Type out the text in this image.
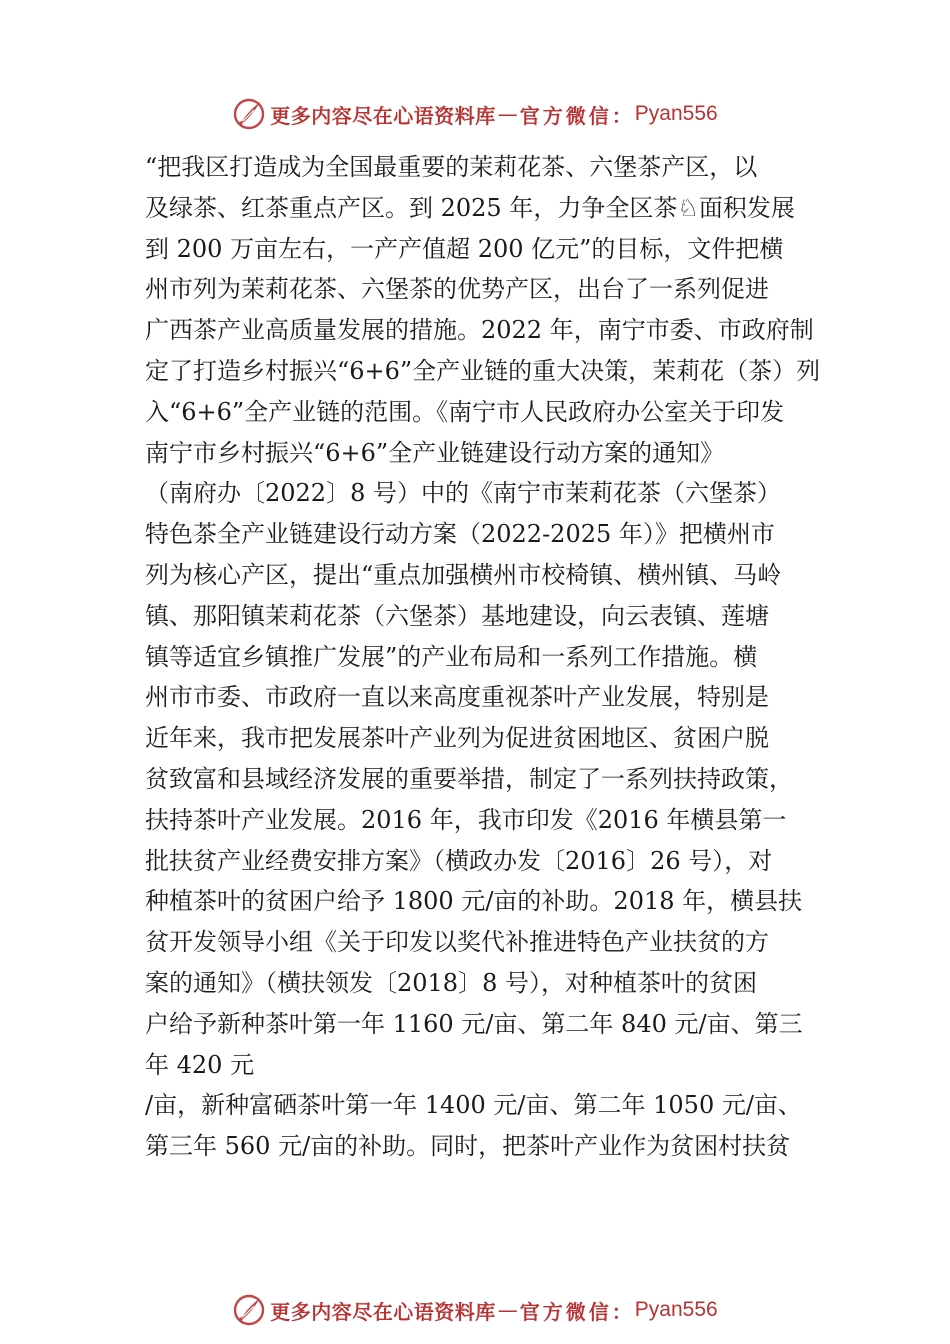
更多内容尽在心语资料库 — 官方微信： Pyan556
“把我区打造成为全国最重要的茉莉花茶、六堡茶产区，以
及绿茶、红茶重点产区。到 2025 年，力争全区茶♘面积发展
到 200 万亩左右，一产产值超 200 亿元”的目标，文件把横
州市列为茉莉花茶、六堡茶的优势产区，出台了一系列促进
广西茶产业高质量发展的措施。2022 年，南宁市委、市政府制
定了打造乡村振兴“6+6”全产业链的重大决策，茉莉花（茶）列
入“6+6”全产业链的范围。《南宁市人民政府办公室关于印发
南宁市乡村振兴“6+6”全产业链建设行动方案的通知》
（南府办〔2022〕8 号）中的《南宁市茉莉花茶（六堡茶）
特色茶全产业链建设行动方案（2022-2025 年）》把横州市
列为核心产区，提出“重点加强横州市校椅镇、横州镇、马岭
镇、那阳镇茉莉花茶（六堡茶）基地建设，向云表镇、莲塘
镇等适宜乡镇推广发展”的产业布局和一系列工作措施。横
州市市委、市政府一直以来高度重视茶叶产业发展，特别是
近年来，我市把发展茶叶产业列为促进贫困地区、贫困户脱
贫致富和县域经济发展的重要举措，制定了一系列扶持政策，
扶持茶叶产业发展。2016 年，我市印发《2016 年横县第一
批扶贫产业经费安排方案》（横政办发〔2016〕26 号），对
种植茶叶的贫困户给予 1800 元/亩的补助。2018 年，横县扶
贫开发领导小组《关于印发以奖代补推进特色产业扶贫的方
案的通知》（横扶领发〔2018〕8 号），对种植茶叶的贫困
户给予新种茶叶第一年 1160 元/亩、第二年 840 元/亩、第三
年 420 元
/亩，新种富硒茶叶第一年 1400 元/亩、第二年 1050 元/亩、
第三年 560 元/亩的补助。同时，把茶叶产业作为贫困村扶贫
更多内容尽在心语资料库 — 官方微信： Pyan556
